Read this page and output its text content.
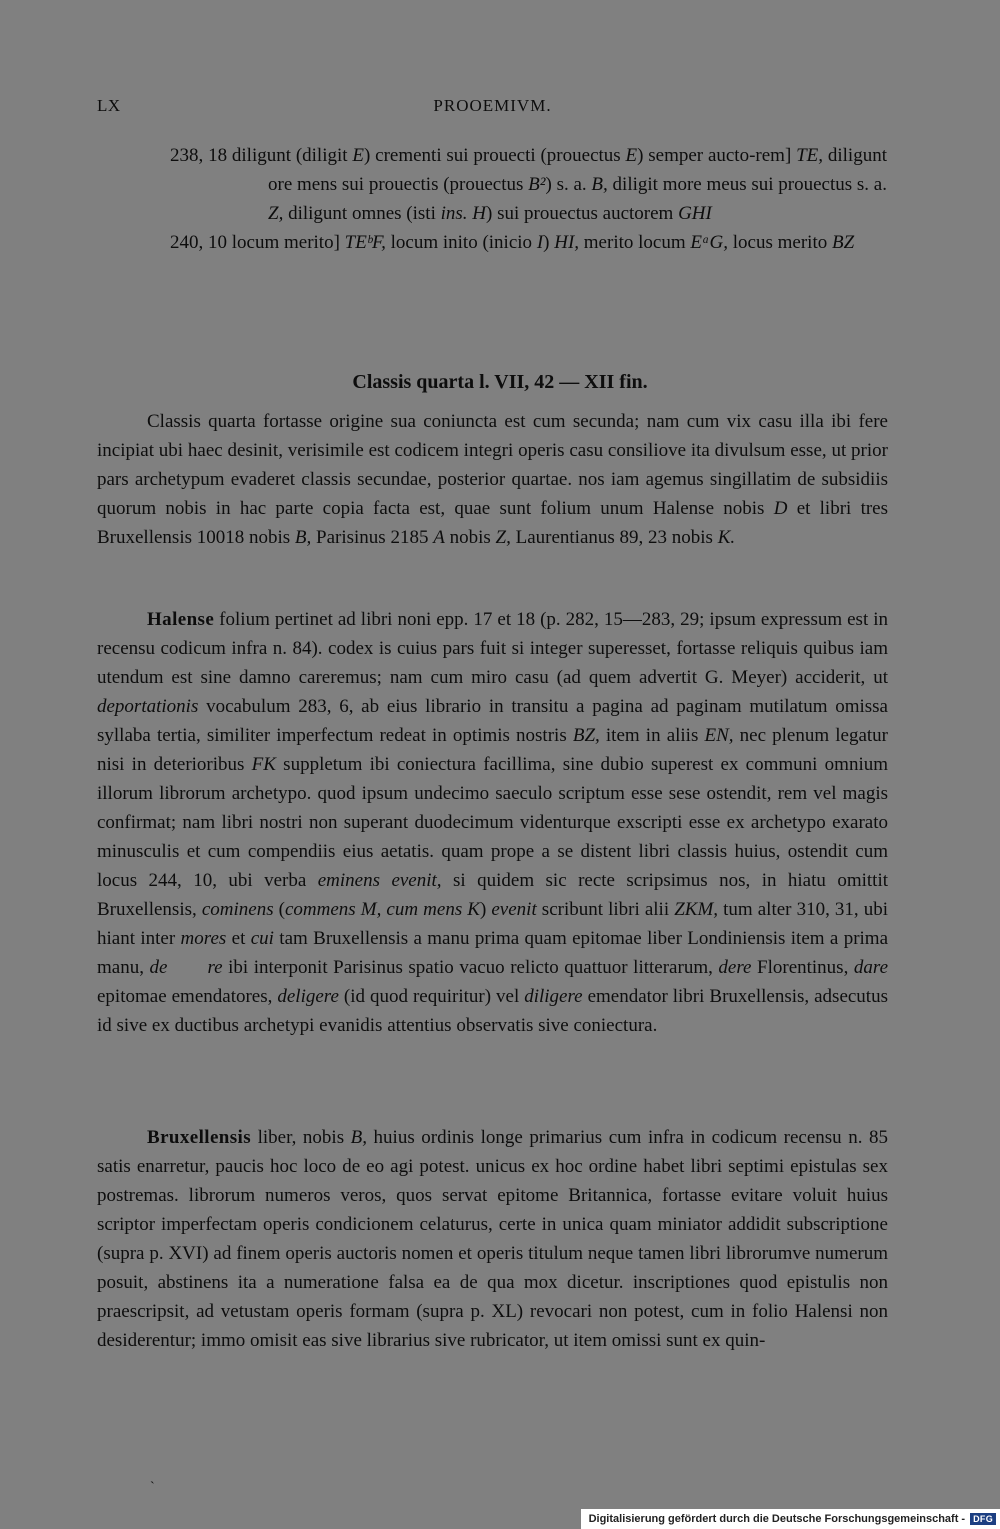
LX	PROOEMIVM.

238, 18 diligunt (diligit E) crementi sui prouecti (prouectus E) semper aucto-rem] TE, diligunt ore mens sui prouectis (prouectus B²) s. a. B, diligit more meus sui prouectus s. a. Z, diligunt omnes (isti ins. H) sui prouectus auctorem GHI

240, 10 locum merito] TEᵇF, locum inito (inicio I) HI, merito locum EᵃG, locus merito BZ

Classis quarta l. VII, 42 — XII fin.

Classis quarta fortasse origine sua coniuncta est cum secunda; nam cum vix casu illa ibi fere incipiat ubi haec desinit, verisimile est codicem integri operis casu consiliove ita divulsum esse, ut prior pars archetypum evaderet classis secundae, posterior quartae. nos iam agemus singillatim de subsidiis quorum nobis in hac parte copia facta est, quae sunt folium unum Halense nobis D et libri tres Bruxellensis 10018 nobis B, Parisinus 2185 A nobis Z, Laurentianus 89, 23 nobis K.

Halense folium pertinet ad libri noni epp. 17 et 18 (p. 282, 15—283, 29; ipsum expressum est in recensu codicum infra n. 84). codex is cuius pars fuit si integer superesset, fortasse reliquis quibus iam utendum est sine damno careremus; nam cum miro casu (ad quem advertit G. Meyer) acciderit, ut deportationis vocabulum 283, 6, ab eius librario in transitu a pagina ad paginam mutilatum omissa syllaba tertia, similiter imperfectum redeat in optimis nostris BZ, item in aliis EN, nec plenum legatur nisi in deterioribus FK suppletum ibi coniectura facillima, sine dubio superest ex communi omnium illorum librorum archetypo. quod ipsum undecimo saeculo scriptum esse sese ostendit, rem vel magis confirmat; nam libri nostri non superant duodecimum videnturque exscripti esse ex archetypo exarato minusculis et cum compendiis eius aetatis. quam prope a se distent libri classis huius, ostendit cum locus 244, 10, ubi verba eminens evenit, si quidem sic recte scripsimus nos, in hiatu omittit Bruxellensis, cominens (commens M, cum mens K) evenit scribunt libri alii ZKM, tum alter 310, 31, ubi hiant inter mores et cui tam Bruxellensis a manu prima quam epitomae liber Londiniensis item a prima manu, de re ibi interponit Parisinus spatio vacuo relicto quattuor litterarum, dere Florentinus, dare epitomae emendatores, deligere (id quod requiritur) vel diligere emendator libri Bruxellensis, adsecutus id sive ex ductibus archetypi evanidis attentius observatis sive coniectura.

Bruxellensis liber, nobis B, huius ordinis longe primarius cum infra in codicum recensu n. 85 satis enarretur, paucis hoc loco de eo agi potest. unicus ex hoc ordine habet libri septimi epistulas sex postremas. librorum numeros veros, quos servat epitome Britannica, fortasse evitare voluit huius scriptor imperfectam operis condicionem celaturus, certe in unica quam miniator addidit subscriptione (supra p. XVI) ad finem operis auctoris nomen et operis titulum neque tamen libri librorumve numerum posuit, abstinens ita a numeratione falsa ea de qua mox dicetur. inscriptiones quod epistulis non praescripsit, ad vetustam operis formam (supra p. XL) revocari non potest, cum in folio Halensi non desiderentur; immo omisit eas sive librarius sive rubricator, ut item omissi sunt ex quin-

`
Digitalisierung gefördert durch die Deutsche Forschungsgemeinschaft - DFG
